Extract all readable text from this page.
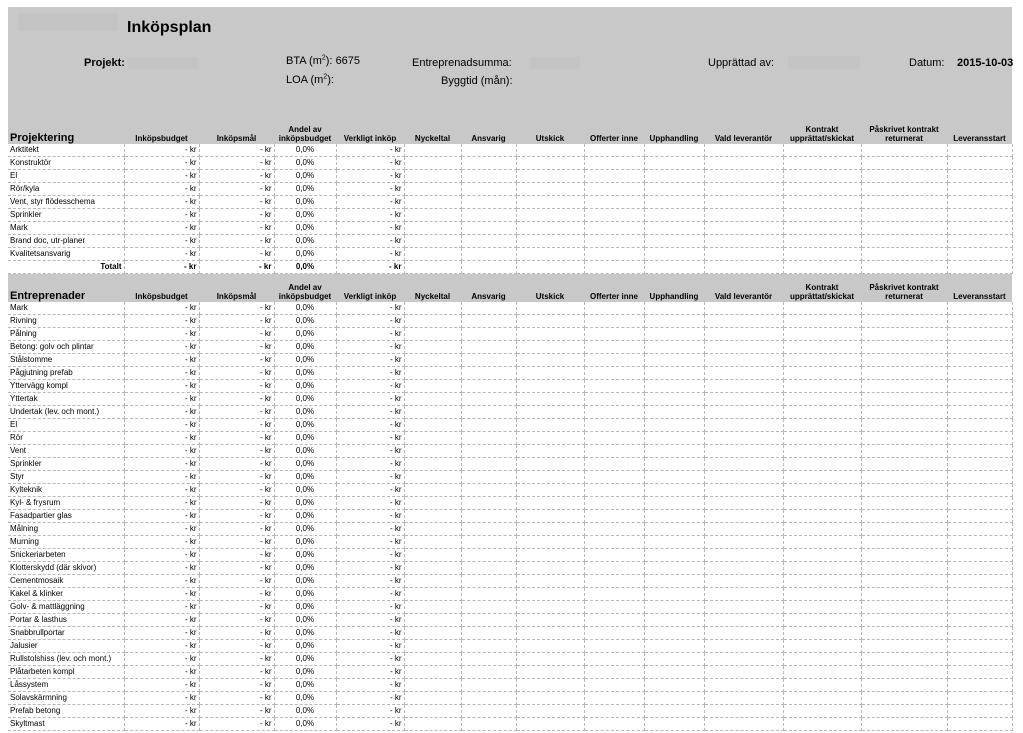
Inköpsplan
Projekt:	BTA $(m^2)$: 6675
LOA $(m^2)$:
Entreprenadsumma:
Byggtid (mån):
Upprättad av:	Datum: 2015-10-03
Projektering	Inköpsbudget	Inköpsmål	Andel av inköpsbudget	Verkligt inköp	Nyckeltal	Ansvarig	Utskick	Offerter inne	Upphandling	Vald leverantör	Kontrakt upprättat/skickat	Påskrivet kontrakt returnerat	Leveransstart
Arktitekt	- kr	- kr	0,0%	- kr									
Konstruktör	- kr	- kr	0,0%	- kr									
El	- kr	- kr	0,0%	- kr									
Rör/kyla	- kr	- kr	0,0%	- kr									
Vent, styr flödesschema	- kr	- kr	0,0%	- kr									
Sprinkler	- kr	- kr	0,0%	- kr									
Mark	- kr	- kr	0,0%	- kr									
Brand doc, utr-planer	- kr	- kr	0,0%	- kr									
Kvalitetsansvarig	- kr	- kr	0,0%	- kr									
Totalt	- kr	- kr	0,0%	- kr									
Entreprenader	Inköpsbudget	Inköpsmål	Andel av inköpsbudget	Verkligt inköp	Nyckeltal	Ansvarig	Utskick	Offerter inne	Upphandling	Vald leverantör	Kontrakt upprättat/skickat	Påskrivet kontrakt returnerat	Leveransstart
Mark	- kr	- kr	0,0%	- kr									
Rivning	- kr	- kr	0,0%	- kr									
Pålning	- kr	- kr	0,0%	- kr									
Betong: golv och plintar	- kr	- kr	0,0%	- kr									
Stålstomme	- kr	- kr	0,0%	- kr									
Pågjutning prefab	- kr	- kr	0,0%	- kr									
Yttervägg kompl	- kr	- kr	0,0%	- kr									
Yttertak	- kr	- kr	0,0%	- kr									
Undertak (lev. och mont.)	- kr	- kr	0,0%	- kr									
El	- kr	- kr	0,0%	- kr									
Rör	- kr	- kr	0,0%	- kr									
Vent	- kr	- kr	0,0%	- kr									
Sprinkler	- kr	- kr	0,0%	- kr									
Styr	- kr	- kr	0,0%	- kr									
Kylteknik	- kr	- kr	0,0%	- kr									
Kyl- & frysrum	- kr	- kr	0,0%	- kr									
Fasadpartier glas	- kr	- kr	0,0%	- kr									
Målning	- kr	- kr	0,0%	- kr									
Murning	- kr	- kr	0,0%	- kr									
Snickeriarbeten	- kr	- kr	0,0%	- kr									
Klotterskydd (där skivor)	- kr	- kr	0,0%	- kr									
Cementmosaik	- kr	- kr	0,0%	- kr									
Kakel & klinker	- kr	- kr	0,0%	- kr									
Golv- & mattläggning	- kr	- kr	0,0%	- kr									
Portar & lasthus	- kr	- kr	0,0%	- kr									
Snabbrullportar	- kr	- kr	0,0%	- kr									
Jalusier	- kr	- kr	0,0%	- kr									
Rullstolshiss (lev. och mont.)	- kr	- kr	0,0%	- kr									
Plåtarbeten kompl	- kr	- kr	0,0%	- kr									
Låssystem	- kr	- kr	0,0%	- kr									
Solavskärmning	- kr	- kr	0,0%	- kr									
Prefab betong	- kr	- kr	0,0%	- kr									
Skyltmast	- kr	- kr	0,0%	- kr									
